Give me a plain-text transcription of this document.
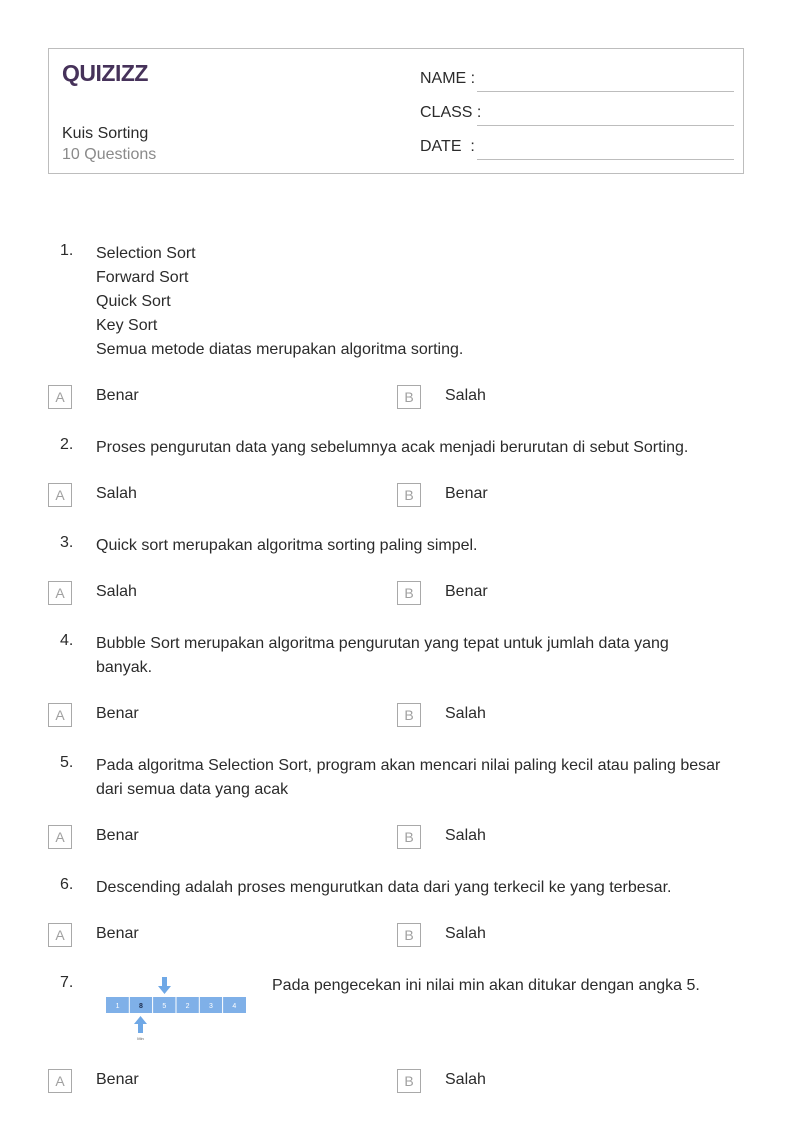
QUIZIZZ
Kuis Sorting
10 Questions
NAME :
CLASS :
DATE  :
1. Selection Sort
Forward Sort
Quick Sort
Key Sort
Semua metode diatas merupakan algoritma sorting.
A	Benar	B	Salah
2. Proses pengurutan data yang sebelumnya acak menjadi berurutan di sebut Sorting.
A	Salah	B	Benar
3. Quick sort merupakan algoritma sorting paling simpel.
A	Salah	B	Benar
4. Bubble Sort merupakan algoritma pengurutan yang tepat untuk jumlah data yang
banyak.
A	Benar	B	Salah
5. Pada algoritma Selection Sort, program akan mencari nilai paling kecil atau paling besar
dari semua data yang acak
A	Benar	B	Salah
6. Descending adalah proses mengurutkan data dari yang terkecil ke yang terbesar.
A	Benar	B	Salah
7.	Pada pengecekan ini nilai min akan ditukar dengan angka 5.
1	8	5	2	3	4
Min
A	Benar	B	Salah
